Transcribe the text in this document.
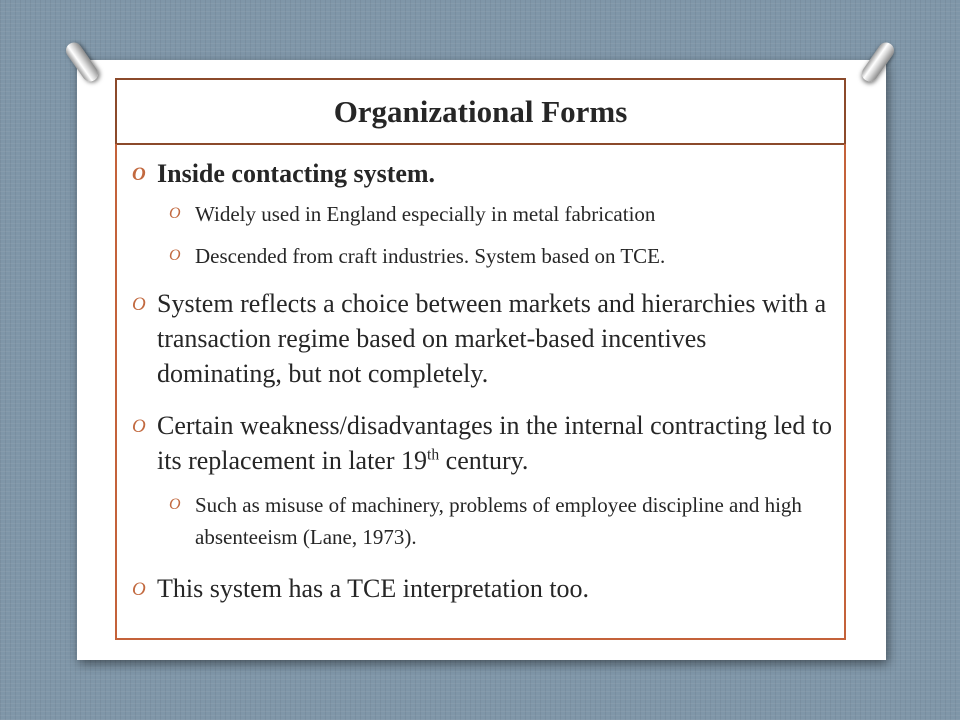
Organizational Forms
O Inside contacting system.
O Widely used in England especially in metal fabrication
O Descended from craft industries. System based on TCE.
O System reflects a choice between markets and hierarchies with a transaction regime based on market-based incentives dominating, but not completely.
O Certain weakness/disadvantages in the internal contracting led to its replacement in later 19th century.
O Such as misuse of machinery, problems of employee discipline and high absenteeism (Lane, 1973).
O This system has a TCE interpretation too.
